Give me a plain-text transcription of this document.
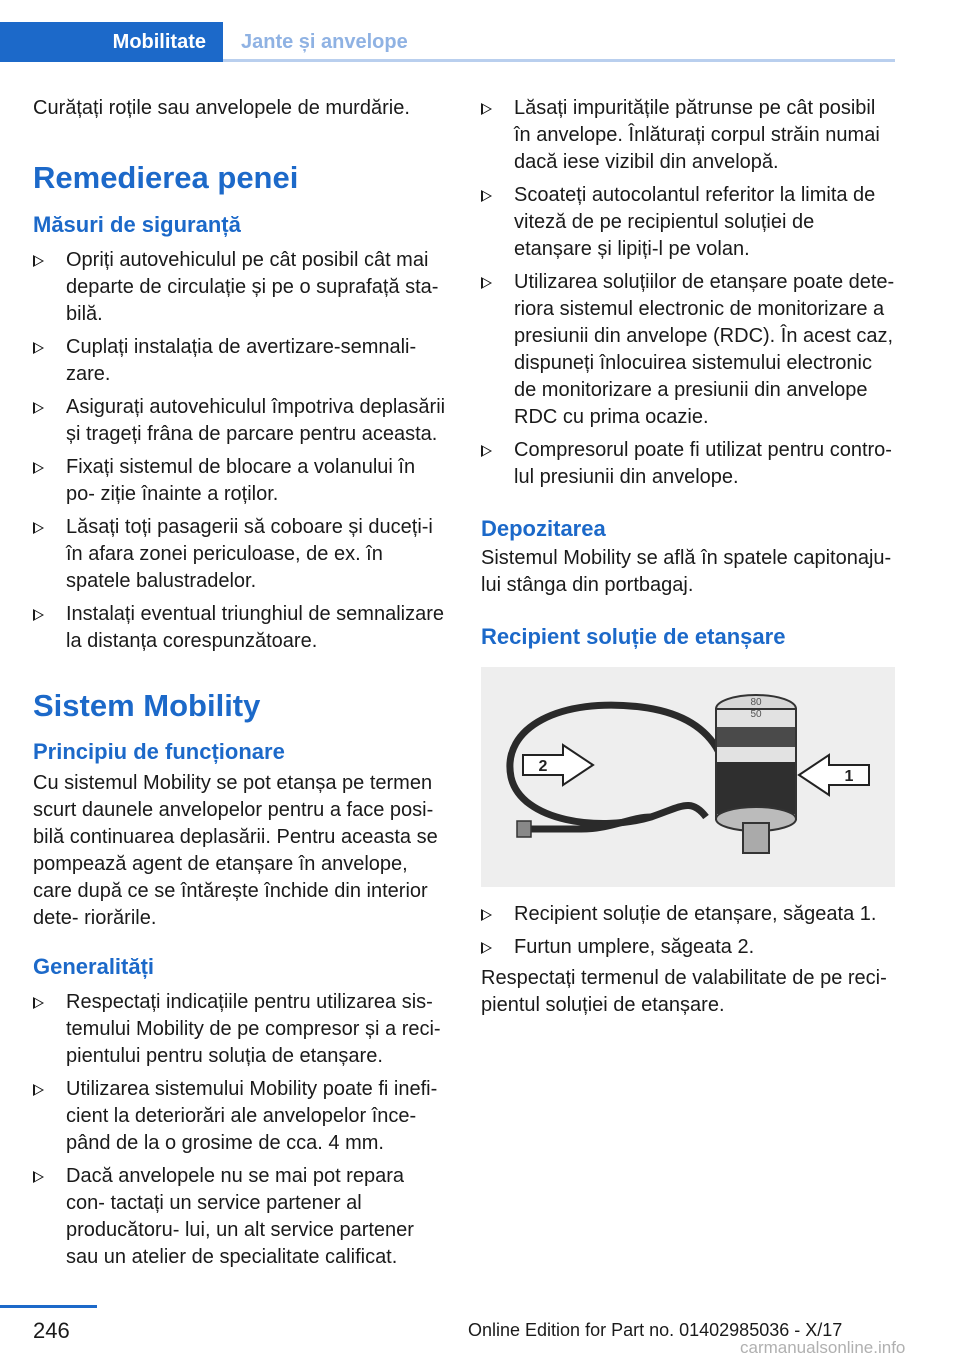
Mobilitate	Jante și anvelope

Curățați roțile sau anvelopele de murdărie.

Remedierea penei
Măsuri de siguranță
Opriți autovehiculul pe cât posibil cât mai departe de circulație și pe o suprafață sta- bilă.
Cuplați instalația de avertizare-semnali- zare.
Asigurați autovehiculul împotriva deplasării și trageți frâna de parcare pentru aceasta.
Fixați sistemul de blocare a volanului în po- ziție înainte a roților.
Lăsați toți pasagerii să coboare și duceți-i în afara zonei periculoase, de ex. în spatele balustradelor.
Instalați eventual triunghiul de semnalizare la distanța corespunzătoare.
Sistem Mobility
Principiu de funcționare

Cu sistemul Mobility se pot etanșa pe termen scurt daunele anvelopelor pentru a face posi- bilă continuarea deplasării. Pentru aceasta se pompează agent de etanșare în anvelope, care după ce se întărește închide din interior dete- riorările.

Generalități
Respectați indicațiile pentru utilizarea sis- temului Mobility de pe compresor și a reci- pientului pentru soluția de etanșare.
Utilizarea sistemului Mobility poate fi inefi- cient la deteriorări ale anvelopelor înce- pând de la o grosime de cca. 4 mm.
Dacă anvelopele nu se mai pot repara con- tactați un service partener al producătoru- lui, un alt service partener sau un atelier de specialitate calificat.
Lăsați impuritățile pătrunse pe cât posibil în anvelope. Înlăturați corpul străin numai dacă iese vizibil din anvelopă.
Scoateți autocolantul referitor la limita de viteză de pe recipientul soluției de etanșare și lipiți-l pe volan.
Utilizarea soluțiilor de etanșare poate dete- riora sistemul electronic de monitorizare a presiunii din anvelope (RDC). În acest caz, dispuneți înlocuirea sistemului electronic de monitorizare a presiunii din anvelope RDC cu prima ocazie.
Compresorul poate fi utilizat pentru contro- lul presiunii din anvelope.
Depozitarea

Sistemul Mobility se află în spatele capitonaju- lui stânga din portbagaj.

Recipient soluție de etanșare
80
50
1
2
Recipient soluție de etanșare, săgeata 1.
Furtun umplere, săgeata 2.

Respectați termenul de valabilitate de pe reci- pientul soluției de etanșare.

246	Online Edition for Part no. 01402985036 - X/17
carmanualsonline.info
